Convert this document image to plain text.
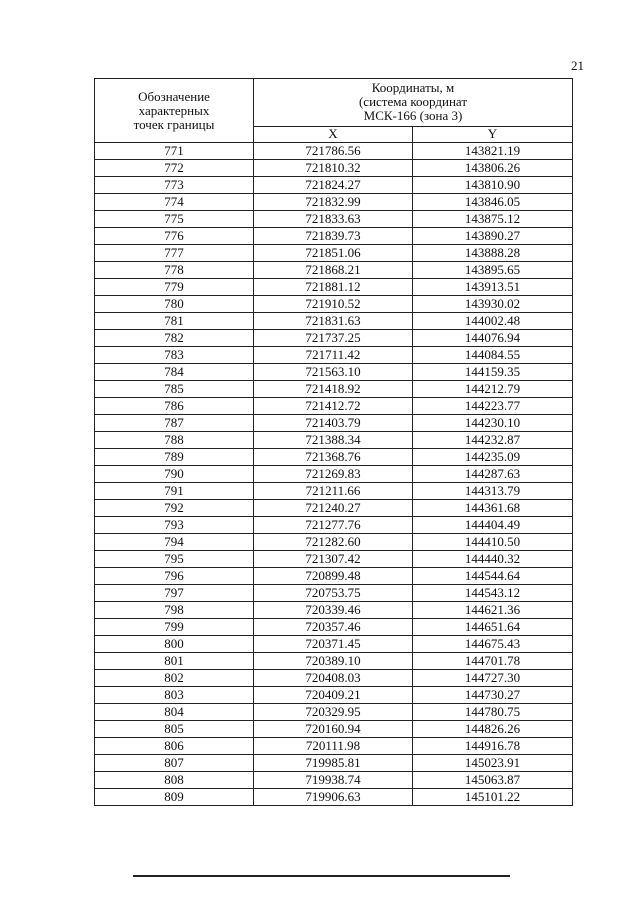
21
Обозначение
характерных
точек границы	Координаты, м
(система координат
МСК-166 (зона 3)	

	X	Y
771	721786.56	143821.19
772	721810.32	143806.26
773	721824.27	143810.90
774	721832.99	143846.05
775	721833.63	143875.12
776	721839.73	143890.27
777	721851.06	143888.28
778	721868.21	143895.65
779	721881.12	143913.51
780	721910.52	143930.02
781	721831.63	144002.48
782	721737.25	144076.94
783	721711.42	144084.55
784	721563.10	144159.35
785	721418.92	144212.79
786	721412.72	144223.77
787	721403.79	144230.10
788	721388.34	144232.87
789	721368.76	144235.09
790	721269.83	144287.63
791	721211.66	144313.79
792	721240.27	144361.68
793	721277.76	144404.49
794	721282.60	144410.50
795	721307.42	144440.32
796	720899.48	144544.64
797	720753.75	144543.12
798	720339.46	144621.36
799	720357.46	144651.64
800	720371.45	144675.43
801	720389.10	144701.78
802	720408.03	144727.30
803	720409.21	144730.27
804	720329.95	144780.75
805	720160.94	144826.26
806	720111.98	144916.78
807	719985.81	145023.91
808	719938.74	145063.87
809	719906.63	145101.22
